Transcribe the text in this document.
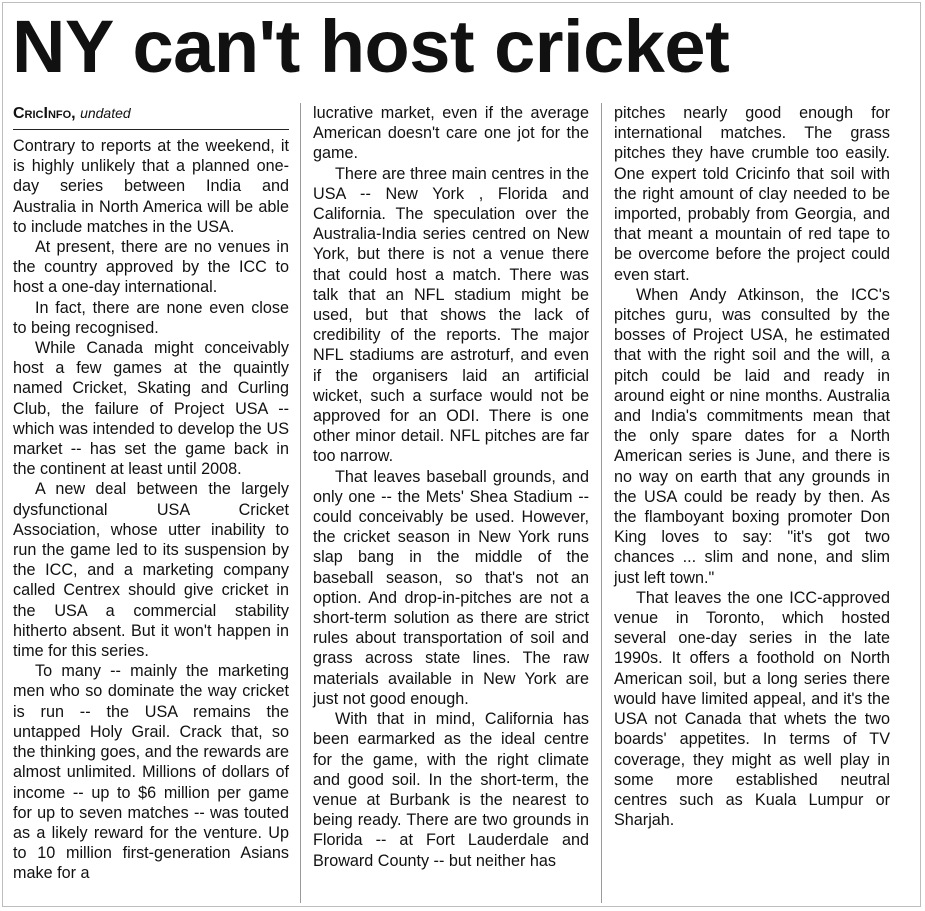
NY can't host cricket
CricInfo, undated

Contrary to reports at the weekend, it is highly unlikely that a planned one-day series between India and Australia in North America will be able to include matches in the USA.

At present, there are no venues in the country approved by the ICC to host a one-day international.

In fact, there are none even close to being recognised.

While Canada might conceivably host a few games at the quaintly named Cricket, Skating and Curling Club, the failure of Project USA -- which was intended to develop the US market -- has set the game back in the continent at least until 2008.

A new deal between the largely dysfunctional USA Cricket Association, whose utter inability to run the game led to its suspension by the ICC, and a marketing company called Centrex should give cricket in the USA a commercial stability hitherto absent. But it won't happen in time for this series.

To many -- mainly the marketing men who so dominate the way cricket is run -- the USA remains the untapped Holy Grail. Crack that, so the thinking goes, and the rewards are almost unlimited. Millions of dollars of income -- up to $6 million per game for up to seven matches -- was touted as a likely reward for the venture. Up to 10 million first-generation Asians make for a

lucrative market, even if the average American doesn't care one jot for the game.

There are three main centres in the USA -- New York , Florida and California. The speculation over the Australia-India series centred on New York, but there is not a venue there that could host a match. There was talk that an NFL stadium might be used, but that shows the lack of credibility of the reports. The major NFL stadiums are astroturf, and even if the organisers laid an artificial wicket, such a surface would not be approved for an ODI. There is one other minor detail. NFL pitches are far too narrow.

That leaves baseball grounds, and only one -- the Mets' Shea Stadium -- could conceivably be used. However, the cricket season in New York runs slap bang in the middle of the baseball season, so that's not an option. And drop-in-pitches are not a short-term solution as there are strict rules about transportation of soil and grass across state lines. The raw materials available in New York are just not good enough.

With that in mind, California has been earmarked as the ideal centre for the game, with the right climate and good soil. In the short-term, the venue at Burbank is the nearest to being ready. There are two grounds in Florida -- at Fort Lauderdale and Broward County -- but neither has

pitches nearly good enough for international matches. The grass pitches they have crumble too easily. One expert told Cricinfo that soil with the right amount of clay needed to be imported, probably from Georgia, and that meant a mountain of red tape to be overcome before the project could even start.

When Andy Atkinson, the ICC's pitches guru, was consulted by the bosses of Project USA, he estimated that with the right soil and the will, a pitch could be laid and ready in around eight or nine months. Australia and India's commitments mean that the only spare dates for a North American series is June, and there is no way on earth that any grounds in the USA could be ready by then. As the flamboyant boxing promoter Don King loves to say: "it's got two chances ... slim and none, and slim just left town."

That leaves the one ICC-approved venue in Toronto, which hosted several one-day series in the late 1990s. It offers a foothold on North American soil, but a long series there would have limited appeal, and it's the USA not Canada that whets the two boards' appetites. In terms of TV coverage, they might as well play in some more established neutral centres such as Kuala Lumpur or Sharjah.
